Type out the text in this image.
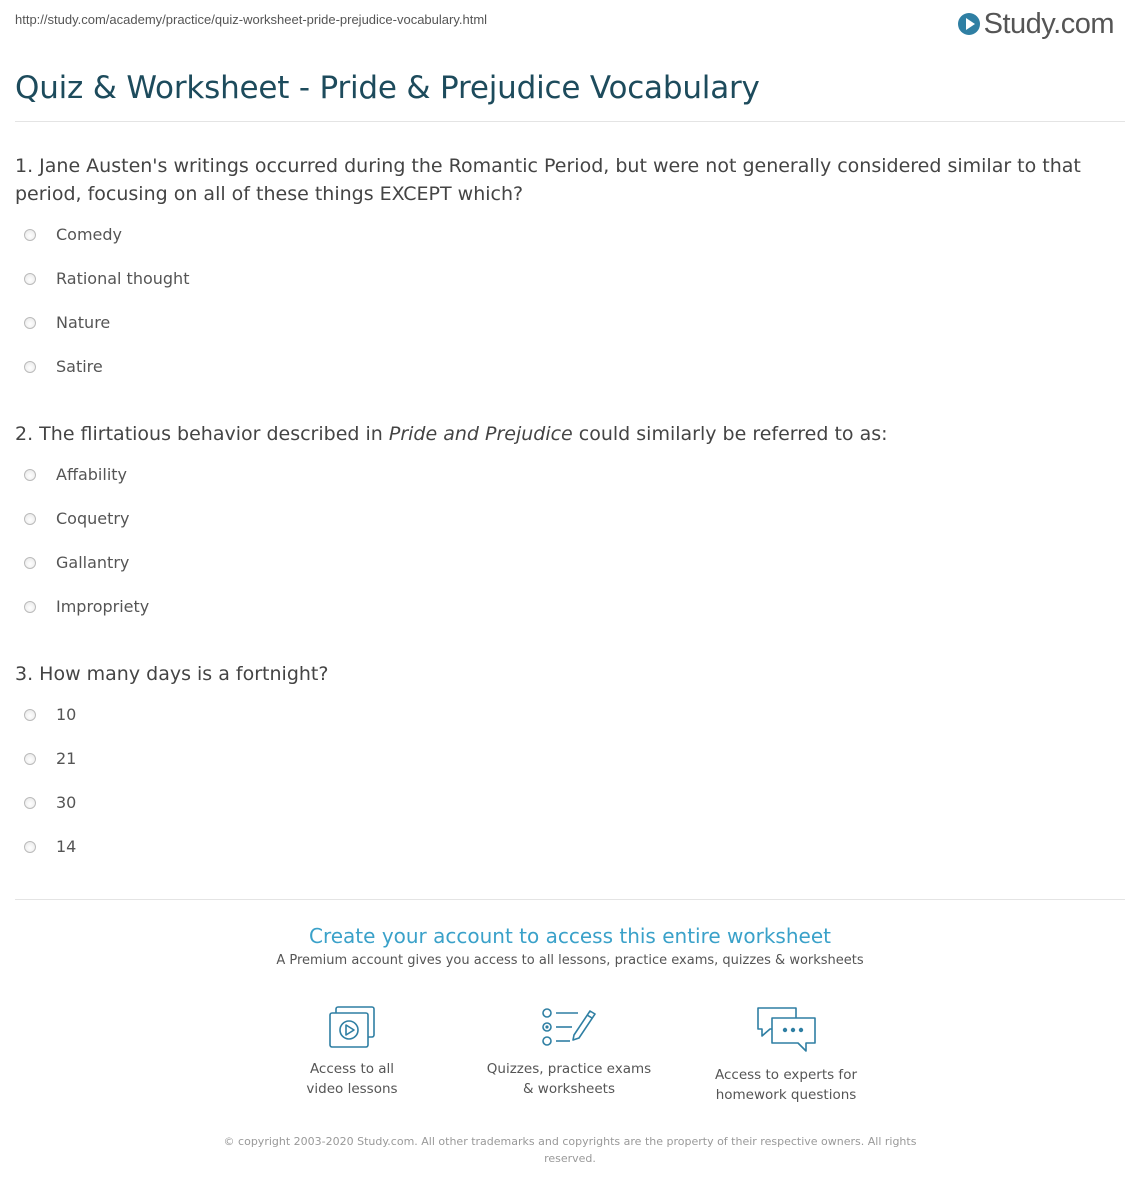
http://study.com/academy/practice/quiz-worksheet-pride-prejudice-vocabulary.html	Study.com
Quiz & Worksheet - Pride & Prejudice Vocabulary

1. Jane Austen's writings occurred during the Romantic Period, but were not generally considered similar to that period, focusing on all of these things EXCEPT which?

Comedy
Rational thought
Nature
Satire

2. The flirtatious behavior described in Pride and Prejudice could similarly be referred to as:

Affability
Coquetry
Gallantry
Impropriety

3. How many days is a fortnight?

10
21
30
14
Create your account to access this entire worksheet

A Premium account gives you access to all lessons, practice exams, quizzes & worksheets

Access to all
video lessons
Quizzes, practice exams
& worksheets
Access to experts for
homework questions

© copyright 2003-2020 Study.com. All other trademarks and copyrights are the property of their respective owners. All rights reserved.
